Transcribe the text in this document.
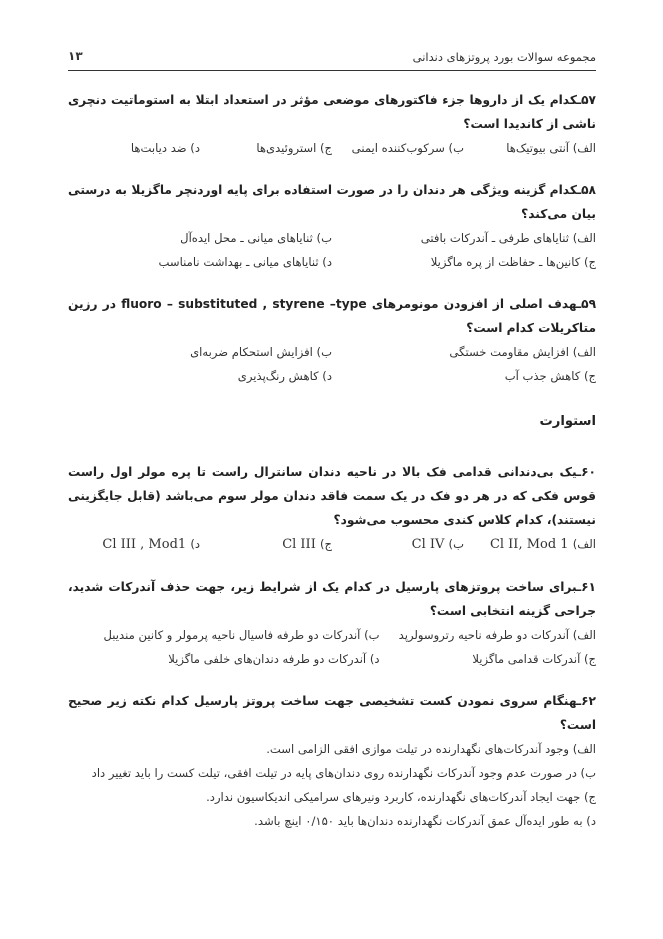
مجموعه سوالات بورد پروتزهای دندانی
۱۳
۵۷ـکدام یک از داروها جزء فاکتورهای موضعی مؤثر در استعداد ابتلا به استوماتیت دنچری ناشی از کاندیدا است؟
الف) آنتی بیوتیک‌ها
ب) سرکوب‌کننده ایمنی
ج) استروئیدی‌ها
د) ضد دیابت‌ها
۵۸ـکدام گزینه ویژگی هر دندان را در صورت استفاده برای پایه اوردنچر ماگزیلا به درستی بیان می‌کند؟
الف) ثنایاهای طرفی ـ آندرکات بافتی
ب) ثنایاهای میانی ـ محل ایده‌آل
ج) کانین‌ها ـ حفاظت از پره ماگزیلا
د) ثنایاهای میانی ـ بهداشت نامناسب
۵۹ـهدف اصلی از افزودن مونومرهای fluoro – substituted , styrene –type در رزین متاکریلات کدام است؟
الف) افزایش مقاومت خستگی
ب) افزایش استحکام ضربه‌ای
ج) کاهش جذب آب
د) کاهش رنگ‌پذیری
استوارت
۶۰ـیک بی‌دندانی قدامی فک بالا در ناحیه دندان سانترال راست تا پره مولر اول راست قوس فکی که در هر دو فک در یک سمت فاقد دندان مولر سوم می‌باشد (قابل جایگزینی نیستند)، کدام کلاس کندی محسوب می‌شود؟
الف) Cl II, Mod 1
ب) Cl IV
ج) Cl III
د) Cl III , Mod1
۶۱ـبرای ساخت پروتزهای پارسیل در کدام یک از شرایط زیر، جهت حذف آندرکات شدید، جراحی گزینه انتخابی است؟
الف) آندرکات دو طرفه ناحیه رتروسولرپد
ب) آندرکات دو طرفه فاسیال ناحیه پرمولر و کانین مندیبل
ج) آندرکات قدامی ماگزیلا
د) آندرکات دو طرفه دندان‌های خلفی ماگزیلا
۶۲ـهنگام سروی نمودن کست تشخیصی جهت ساخت پروتز پارسیل کدام نکته زیر صحیح است؟
الف) وجود آندرکات‌های نگهدارنده در تیلت موازی افقی الزامی است.
ب) در صورت عدم وجود آندرکات نگهدارنده روی دندان‌های پایه در تیلت افقی، تیلت کست را باید تغییر داد
ج) جهت ایجاد آندرکات‌های نگهدارنده، کاربرد ونیرهای سرامیکی اندیکاسیون ندارد.
د) به طور ایده‌آل عمق آندرکات نگهدارنده دندان‌ها باید ۰/۱۵۰ اینچ باشد.
